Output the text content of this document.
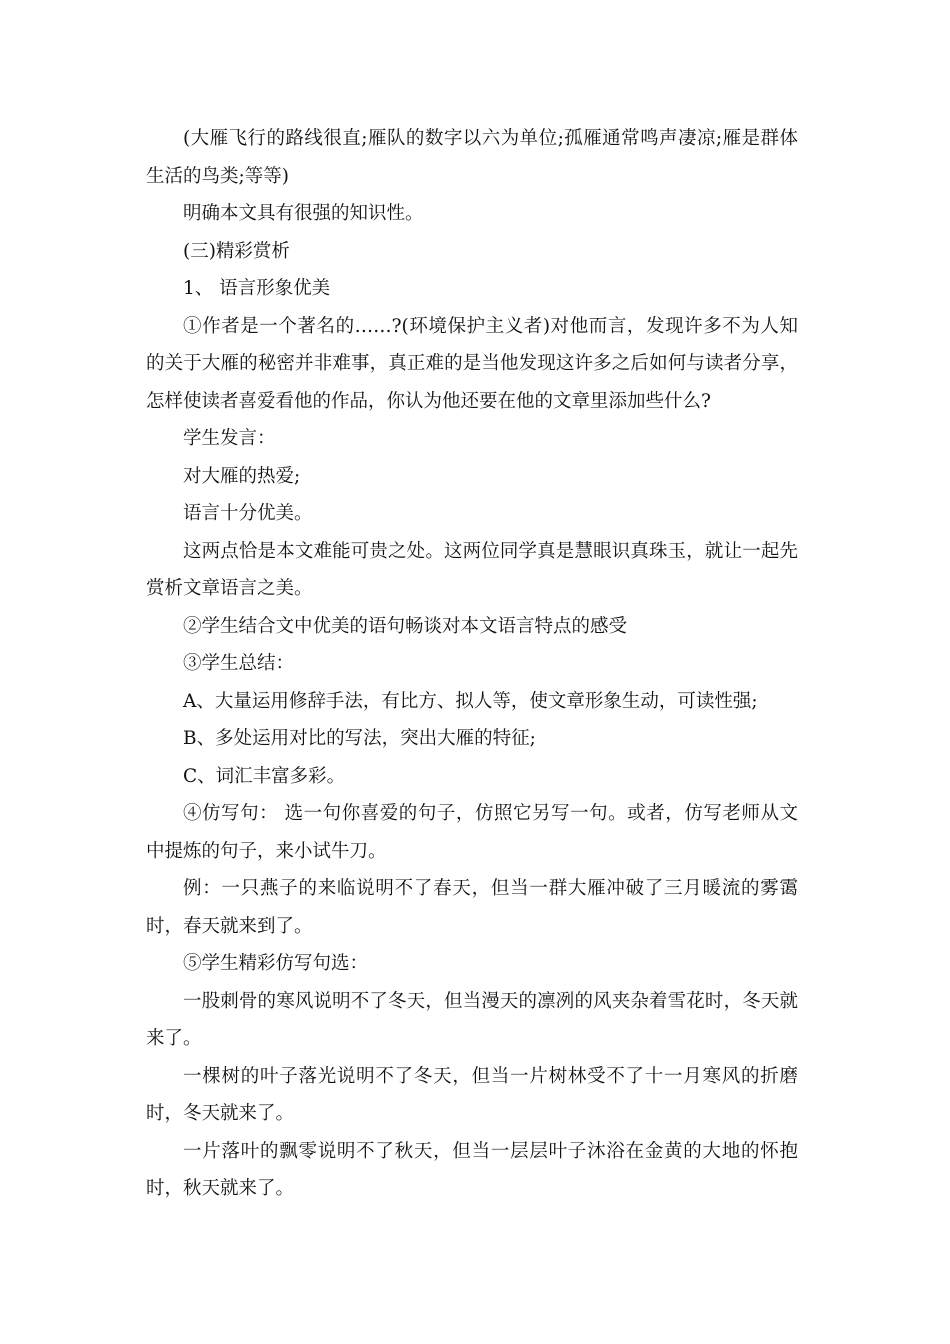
(大雁飞行的路线很直;雁队的数字以六为单位;孤雁通常鸣声凄凉;雁是群体生活的鸟类;等等)

明确本文具有很强的知识性。

(三)精彩赏析

1、 语言形象优美

①作者是一个著名的……?(环境保护主义者)对他而言，发现许多不为人知的关于大雁的秘密并非难事，真正难的是当他发现这许多之后如何与读者分享，怎样使读者喜爱看他的作品，你认为他还要在他的文章里添加些什么?

学生发言：

对大雁的热爱;

语言十分优美。

这两点恰是本文难能可贵之处。这两位同学真是慧眼识真珠玉，就让一起先赏析文章语言之美。

②学生结合文中优美的语句畅谈对本文语言特点的感受

③学生总结：

A、大量运用修辞手法，有比方、拟人等，使文章形象生动，可读性强;

B、多处运用对比的写法，突出大雁的特征;

C、词汇丰富多彩。

④仿写句： 选一句你喜爱的句子，仿照它另写一句。或者，仿写老师从文中提炼的句子，来小试牛刀。

例：一只燕子的来临说明不了春天，但当一群大雁冲破了三月暖流的雾霭时，春天就来到了。

⑤学生精彩仿写句选：

一股刺骨的寒风说明不了冬天，但当漫天的凛冽的风夹杂着雪花时，冬天就来了。

一棵树的叶子落光说明不了冬天，但当一片树林受不了十一月寒风的折磨时，冬天就来了。

一片落叶的飘零说明不了秋天，但当一层层叶子沐浴在金黄的大地的怀抱时，秋天就来了。
